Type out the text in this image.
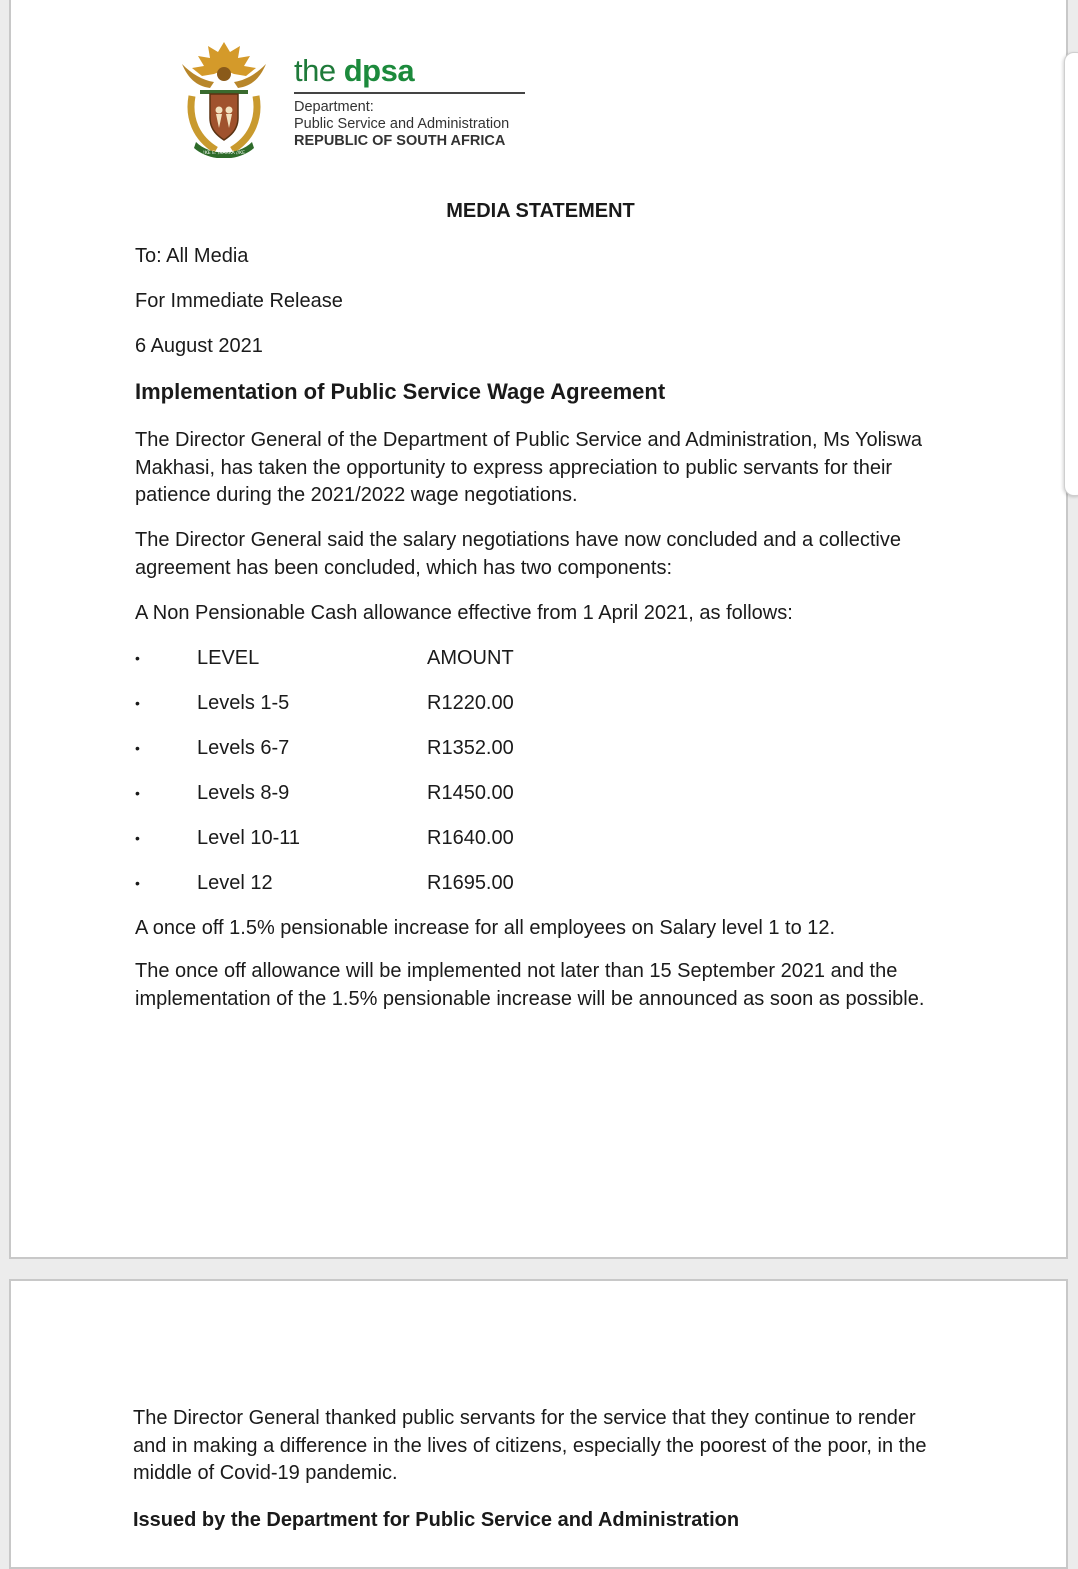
!KE E: /XARRA //KE
the dpsa
Department:
Public Service and Administration
REPUBLIC OF SOUTH AFRICA
MEDIA STATEMENT
To: All Media
For Immediate Release
6 August 2021
Implementation of Public Service Wage Agreement
The Director General of the Department of Public Service and Administration, Ms Yoliswa Makhasi, has taken the opportunity to express appreciation to public servants for their patience during the 2021/2022 wage negotiations.
The Director General said the salary negotiations have now concluded and a collective agreement has been concluded, which has two components:
A Non Pensionable Cash allowance effective from 1 April 2021, as follows:
•	LEVEL	AMOUNT
•	Levels 1-5	R1220.00
•	Levels 6-7	R1352.00
•	Levels 8-9	R1450.00
•	Level 10-11	R1640.00
•	Level 12	R1695.00
A once off 1.5% pensionable increase for all employees on Salary level 1 to 12.
The once off allowance will be implemented not later than 15 September 2021 and the implementation of the 1.5% pensionable increase will be announced as soon as possible.
The Director General thanked public servants for the service that they continue to render and in making a difference in the lives of citizens, especially the poorest of the poor, in the middle of Covid-19 pandemic.
Issued by the Department for Public Service and Administration
